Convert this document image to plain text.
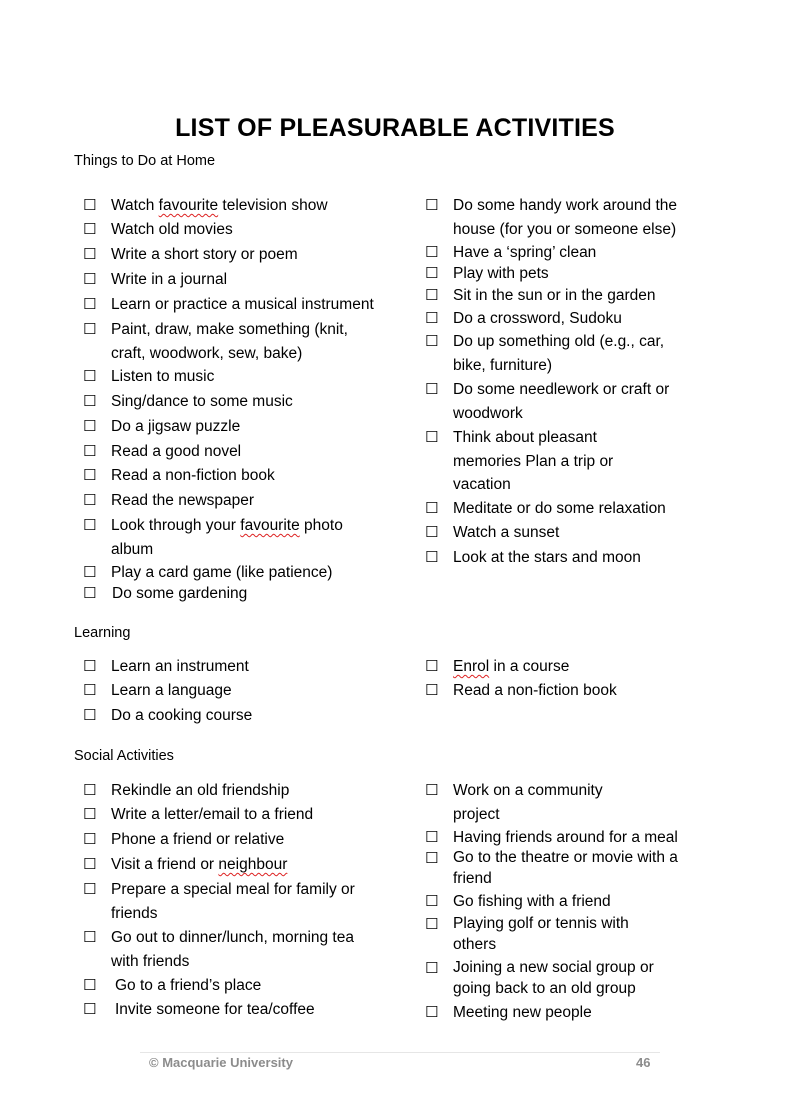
LIST OF PLEASURABLE ACTIVITIES
Things to Do at Home
☐ Watch favourite television show
☐ Watch old movies
☐ Write a short story or poem
☐ Write in a journal
☐ Learn or practice a musical instrument
☐ Paint, draw, make something (knit,
craft, woodwork, sew, bake)
☐ Listen to music
☐ Sing/dance to some music
☐ Do a jigsaw puzzle
☐ Read a good novel
☐ Read a non-fiction book
☐ Read the newspaper
☐ Look through your favourite photo
album
☐ Play a card game (like patience)
☐ Do some gardening
☐ Do some handy work around the
house (for you or someone else)
☐ Have a ‘spring’ clean
☐ Play with pets
☐ Sit in the sun or in the garden
☐ Do a crossword, Sudoku
☐ Do up something old (e.g., car,
bike, furniture)
☐ Do some needlework or craft or
woodwork
☐ Think about pleasant
memories Plan a trip or
vacation
☐ Meditate or do some relaxation
☐ Watch a sunset
☐ Look at the stars and moon
Learning
☐ Learn an instrument
☐ Learn a language
☐ Do a cooking course
☐ Enrol in a course
☐ Read a non-fiction book
Social Activities
☐ Rekindle an old friendship
☐ Write a letter/email to a friend
☐ Phone a friend or relative
☐ Visit a friend or neighbour
☐ Prepare a special meal for family or
friends
☐ Go out to dinner/lunch, morning tea
with friends
☐ Go to a friend’s place
☐ Invite someone for tea/coffee
☐ Work on a community
project
☐ Having friends around for a meal
☐ Go to the theatre or movie with a
friend
☐ Go fishing with a friend
☐ Playing golf or tennis with
others
☐ Joining a new social group or
going back to an old group
☐ Meeting new people
© Macquarie University	46
